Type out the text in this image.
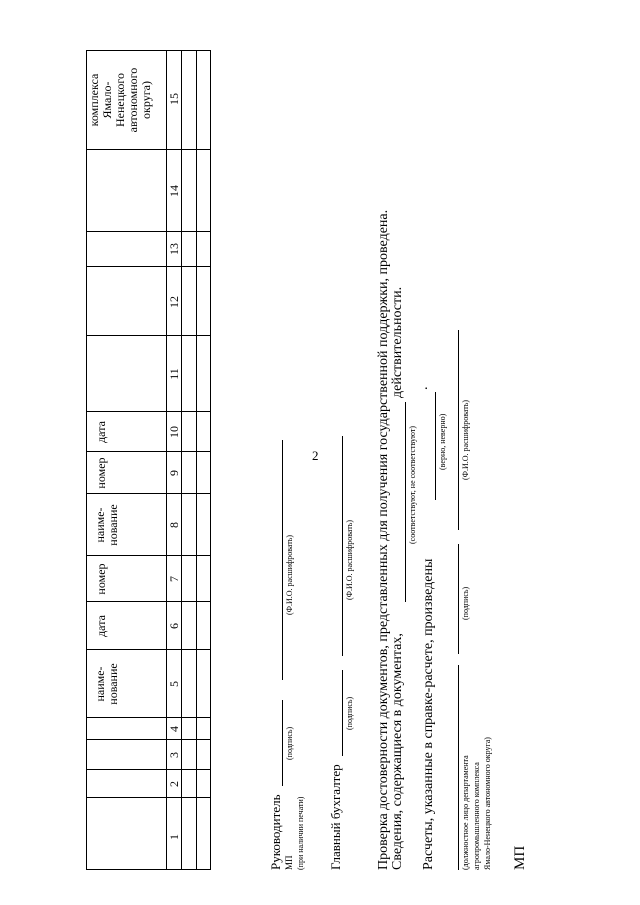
2
наиме-
нование
дата
номер
наиме-
нование
номер
дата
комплекса
Ямало-
Ненецкого
автономного
округа)
1
2
3
4
5
6
7
8
9
10
11
12
13
14
15
Руководитель МП (при наличии печати)
(подпись)
(Ф.И.О. расшифровать)
Главный бухгалтер
(подпись)
(Ф.И.О. расшифровать) Проверка достоверности документов, представленных для получения государственной поддержки, проведена. Сведения, содержащиеся в документах,
(соответствуют, не соответствуют)
действительности.
Расчеты, указанные в справке-расчете, произведены
.
(верно, неверно)
(должностное лицо департамента агропромышленного комплекса Ямало-Ненецкого автономного округа)
(подпись)
(Ф.И.О. расшифровать)
МП
